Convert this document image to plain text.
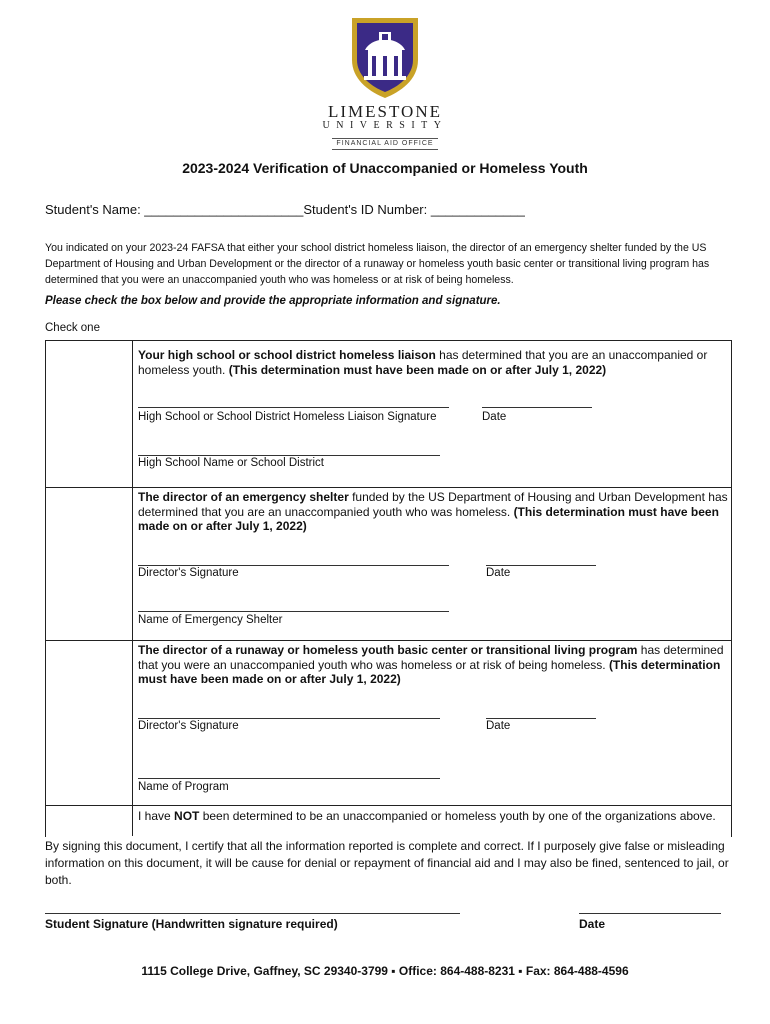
LIMESTONE
UNIVERSITY
FINANCIAL AID OFFICE
2023-2024 Verification of Unaccompanied or Homeless Youth
Student's Name: ______________________Student's ID Number: _____________
You indicated on your 2023-24 FAFSA that either your school district homeless liaison, the director of an emergency shelter funded by the US Department of Housing and Urban Development or the director of a runaway or homeless youth basic center or transitional living program has determined that you were an unaccompanied youth who was homeless or at risk of being homeless.
Please check the box below and provide the appropriate information and signature.
Check one
Your high school or school district homeless liaison has determined that you are an unaccompanied or homeless youth. (This determination must have been made on or after July 1, 2022)
High School or School District Homeless Liaison Signature	Date
High School Name or School District
The director of an emergency shelter funded by the US Department of Housing and Urban Development has determined that you are an unaccompanied youth who was homeless. (This determination must have been made on or after July 1, 2022)
Director's Signature	Date
Name of Emergency Shelter
The director of a runaway or homeless youth basic center or transitional living program has determined that you were an unaccompanied youth who was homeless or at risk of being homeless. (This determination must have been made on or after July 1, 2022)
Director's Signature	Date
Name of Program
I have NOT been determined to be an unaccompanied or homeless youth by one of the organizations above.
By signing this document, I certify that all the information reported is complete and correct. If I purposely give false or misleading information on this document, it will be cause for denial or repayment of financial aid and I may also be fined, sentenced to jail, or both.
Student Signature (Handwritten signature required)	Date
1115 College Drive, Gaffney, SC 29340-3799 ▪ Office: 864-488-8231 ▪ Fax: 864-488-4596
